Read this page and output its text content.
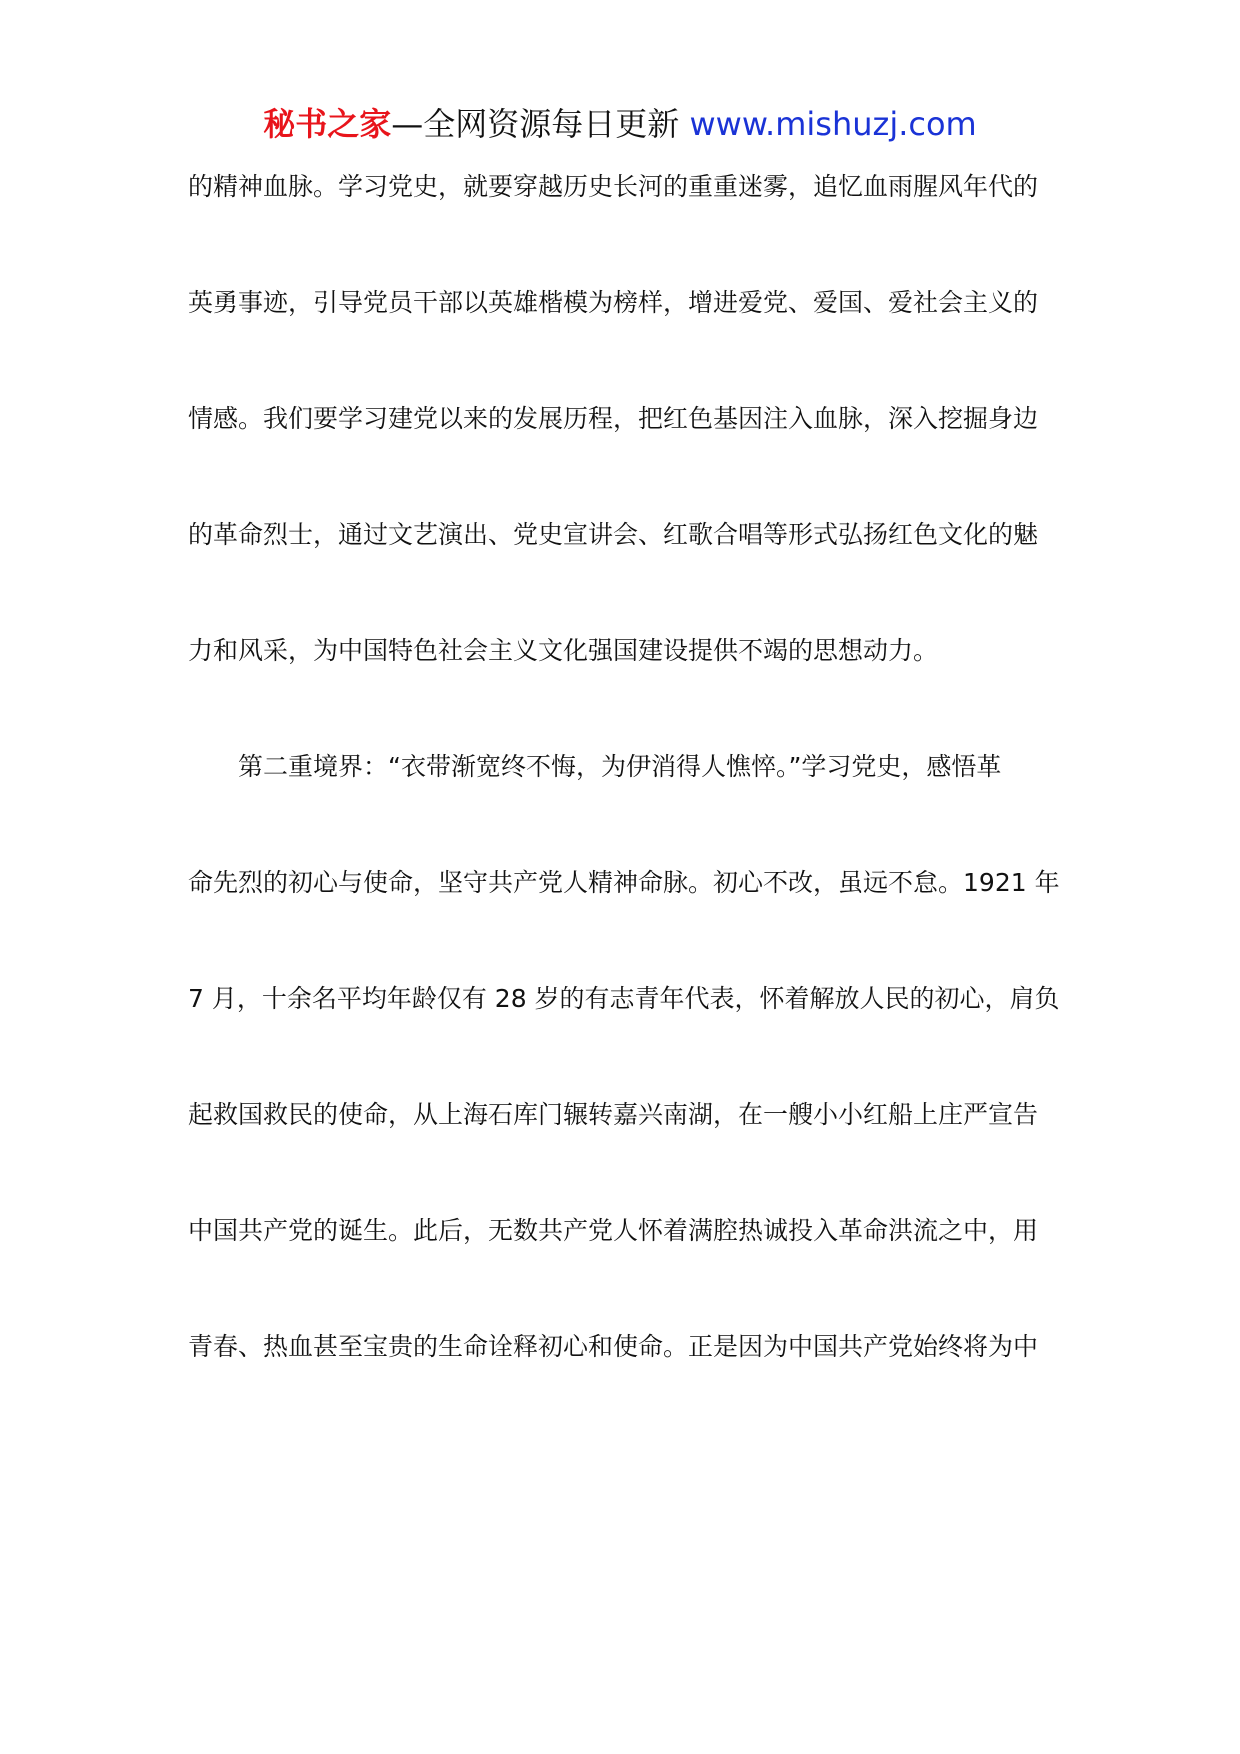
秘书之家—全网资源每日更新 www.mishuzj.com
的精神血脉。学习党史，就要穿越历史长河的重重迷雾，追忆血雨腥风年代的
英勇事迹，引导党员干部以英雄楷模为榜样，增进爱党、爱国、爱社会主义的
情感。我们要学习建党以来的发展历程，把红色基因注入血脉，深入挖掘身边
的革命烈士，通过文艺演出、党史宣讲会、红歌合唱等形式弘扬红色文化的魅
力和风采，为中国特色社会主义文化强国建设提供不竭的思想动力。
第二重境界：“衣带渐宽终不悔，为伊消得人憔悴。”学习党史，感悟革
命先烈的初心与使命，坚守共产党人精神命脉。初心不改，虽远不怠。1921 年
7 月，十余名平均年龄仅有 28 岁的有志青年代表，怀着解放人民的初心，肩负
起救国救民的使命，从上海石库门辗转嘉兴南湖，在一艘小小红船上庄严宣告
中国共产党的诞生。此后，无数共产党人怀着满腔热诚投入革命洪流之中，用
青春、热血甚至宝贵的生命诠释初心和使命。正是因为中国共产党始终将为中
